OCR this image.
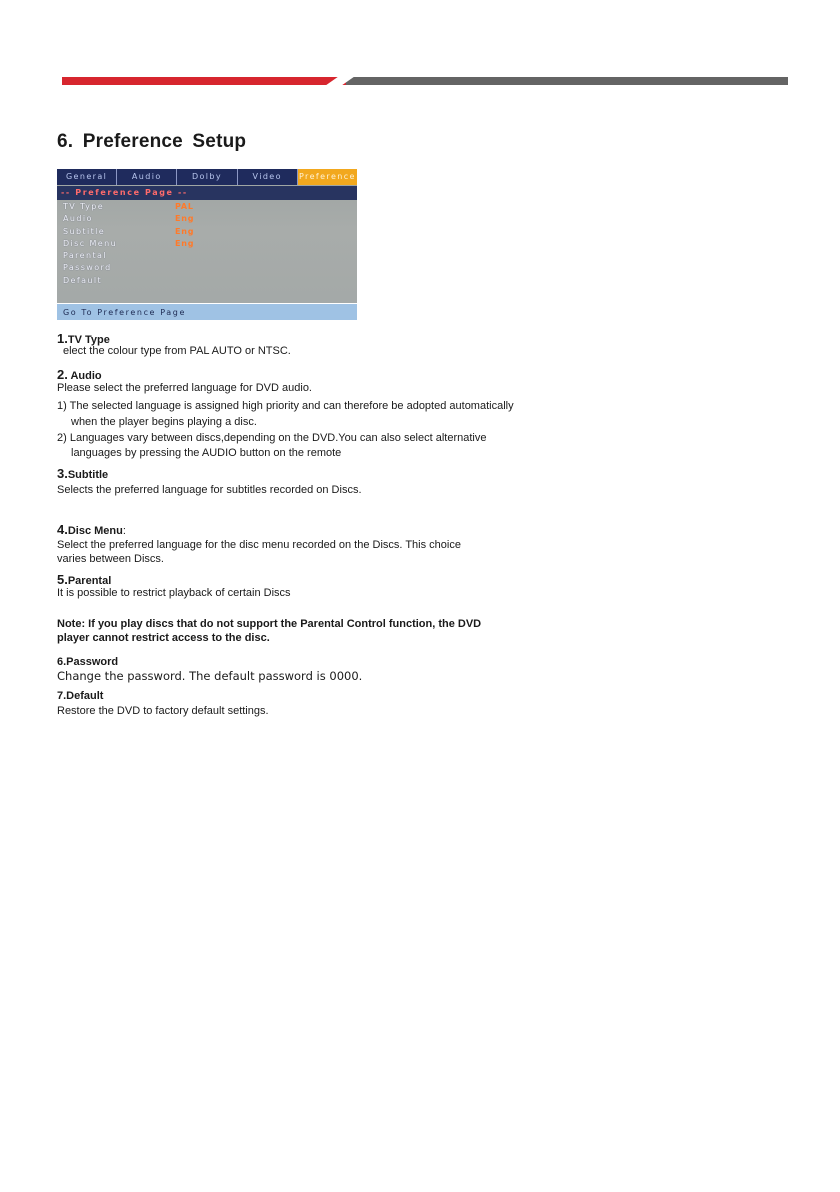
6. Preference Setup
General	Audio	Dolby	Video	Preference
-- Preference Page --
TV Type	PAL
Audio	Eng
Subtitle	Eng
Disc Menu	Eng
Parental
Password
Default
Go To Preference Page

1.TV Type

elect the colour type from PAL AUTO or NTSC.

2. Audio

Please select the preferred language for DVD audio.

1) The selected language is assigned high priority and can therefore be adopted automatically

when the player begins playing a disc.

2) Languages vary between discs,depending on the DVD.You can also select alternative

languages by pressing the AUDIO button on the remote

3.Subtitle

Selects the preferred language for subtitles recorded on Discs.

4.Disc Menu:

Select the preferred language for the disc menu recorded on the Discs. This choice

varies between Discs.

5.Parental

It is possible to restrict playback of certain Discs

Note: If you play discs that do not support the Parental Control function, the DVD

player cannot restrict access to the disc.

6.Password

Change the password. The default password is 0000.

7.Default

Restore the DVD to factory default settings.
